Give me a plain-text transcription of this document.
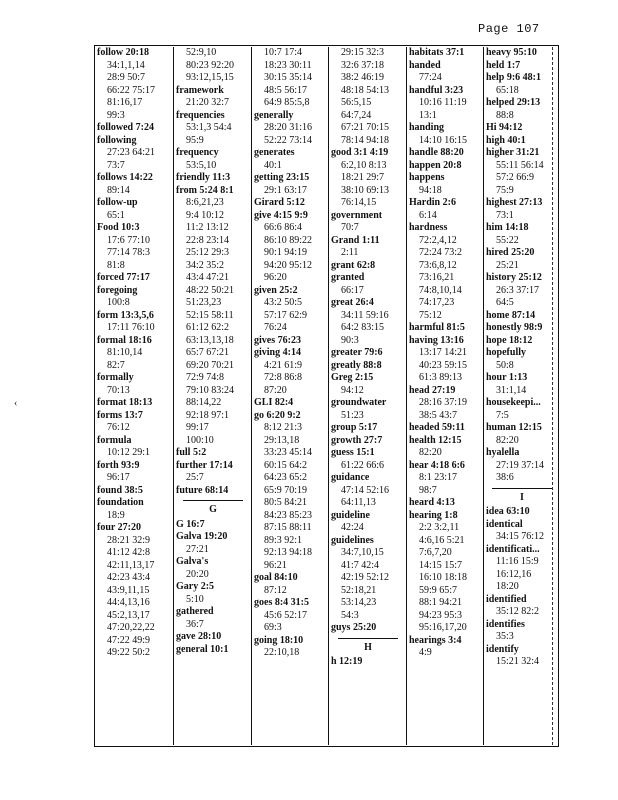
Page 107
‹
follow 20:18
34:1,1,14
28:9 50:7
66:22 75:17
81:16,17
99:3
followed 7:24
following
27:23 64:21
73:7
follows 14:22
89:14
follow-up
65:1
Food 10:3
17:6 77:10
77:14 78:3
81:8
forced 77:17
foregoing
100:8
form 13:3,5,6
17:11 76:10
formal 18:16
81:10,14
82:7
formally
70:13
format 18:13
forms 13:7
76:12
formula
10:12 29:1
forth 93:9
96:17
found 38:5
foundation
18:9
four 27:20
28:21 32:9
41:12 42:8
42:11,13,17
42:23 43:4
43:9,11,15
44:4,13,16
45:2,13,17
47:20,22,22
47:22 49:9
49:22 50:2
52:9,10
80:23 92:20
93:12,15,15
framework
21:20 32:7
frequencies
53:1,3 54:4
95:9
frequency
53:5,10
friendly 11:3
from 5:24 8:1
8:6,21,23
9:4 10:12
11:2 13:12
22:8 23:14
25:12 29:3
34:2 35:2
43:4 47:21
48:22 50:21
51:23,23
52:15 58:11
61:12 62:2
63:13,13,18
65:7 67:21
69:20 70:21
72:9 74:8
79:10 83:24
88:14,22
92:18 97:1
99:17
100:10
full 5:2
further 17:14
25:7
future 68:14
G
G 16:7
Galva 19:20
27:21
Galva's
20:20
Gary 2:5
5:10
gathered
36:7
gave 28:10
general 10:1
10:7 17:4
18:23 30:11
30:15 35:14
48:5 56:17
64:9 85:5,8
generally
28:20 31:16
52:22 73:14
generates
40:1
getting 23:15
29:1 63:17
Girard 5:12
give 4:15 9:9
66:6 86:4
86:10 89:22
90:1 94:19
94:20 95:12
96:20
given 25:2
43:2 50:5
57:17 62:9
76:24
gives 76:23
giving 4:14
4:21 61:9
72:8 86:8
87:20
GLI 82:4
go 6:20 9:2
8:12 21:3
29:13,18
33:23 45:14
60:15 64:2
64:23 65:2
65:9 70:19
80:5 84:21
84:23 85:23
87:15 88:11
89:3 92:1
92:13 94:18
96:21
goal 84:10
87:12
goes 8:4 31:5
45:6 52:17
69:3
going 18:10
22:10,18
29:15 32:3
32:6 37:18
38:2 46:19
48:18 54:13
56:5,15
64:7,24
67:21 70:15
78:14 94:18
good 3:1 4:19
6:2,10 8:13
18:21 29:7
38:10 69:13
76:14,15
government
70:7
Grand 1:11
2:11
grant 62:8
granted
66:17
great 26:4
34:11 59:16
64:2 83:15
90:3
greater 79:6
greatly 88:8
Greg 2:15
94:12
groundwater
51:23
group 5:17
growth 27:7
guess 15:1
61:22 66:6
guidance
47:14 52:16
64:11,13
guideline
42:24
guidelines
34:7,10,15
41:7 42:4
42:19 52:12
52:18,21
53:14,23
54:3
guys 25:20
H
h 12:19
habitats 37:1
handed
77:24
handful 3:23
10:16 11:19
13:1
handing
14:10 16:15
handle 88:20
happen 20:8
happens
94:18
Hardin 2:6
6:14
hardness
72:2,4,12
72:24 73:2
73:6,8,12
73:16,21
74:8,10,14
74:17,23
75:12
harmful 81:5
having 13:16
13:17 14:21
40:23 59:15
61:3 89:13
head 27:19
28:16 37:19
38:5 43:7
headed 59:11
health 12:15
82:20
hear 4:18 6:6
8:1 23:17
98:7
heard 4:13
hearing 1:8
2:2 3:2,11
4:6,16 5:21
7:6,7,20
14:15 15:7
16:10 18:18
59:9 65:7
88:1 94:21
94:23 95:3
95:16,17,20
hearings 3:4
4:9
heavy 95:10
held 1:7
help 9:6 48:1
65:18
helped 29:13
88:8
Hi 94:12
high 40:1
higher 31:21
55:11 56:14
57:2 66:9
75:9
highest 27:13
73:1
him 14:18
55:22
hired 25:20
25:21
history 25:12
26:3 37:17
64:5
home 87:14
honestly 98:9
hope 18:12
hopefully
50:8
hour 1:13
31:1,14
housekeepi...
7:5
human 12:15
82:20
hyalella
27:19 37:14
38:6
I
idea 63:10
identical
34:15 76:12
identificati...
11:16 15:9
16:12,16
18:20
identified
35:12 82:2
identifies
35:3
identify
15:21 32:4
